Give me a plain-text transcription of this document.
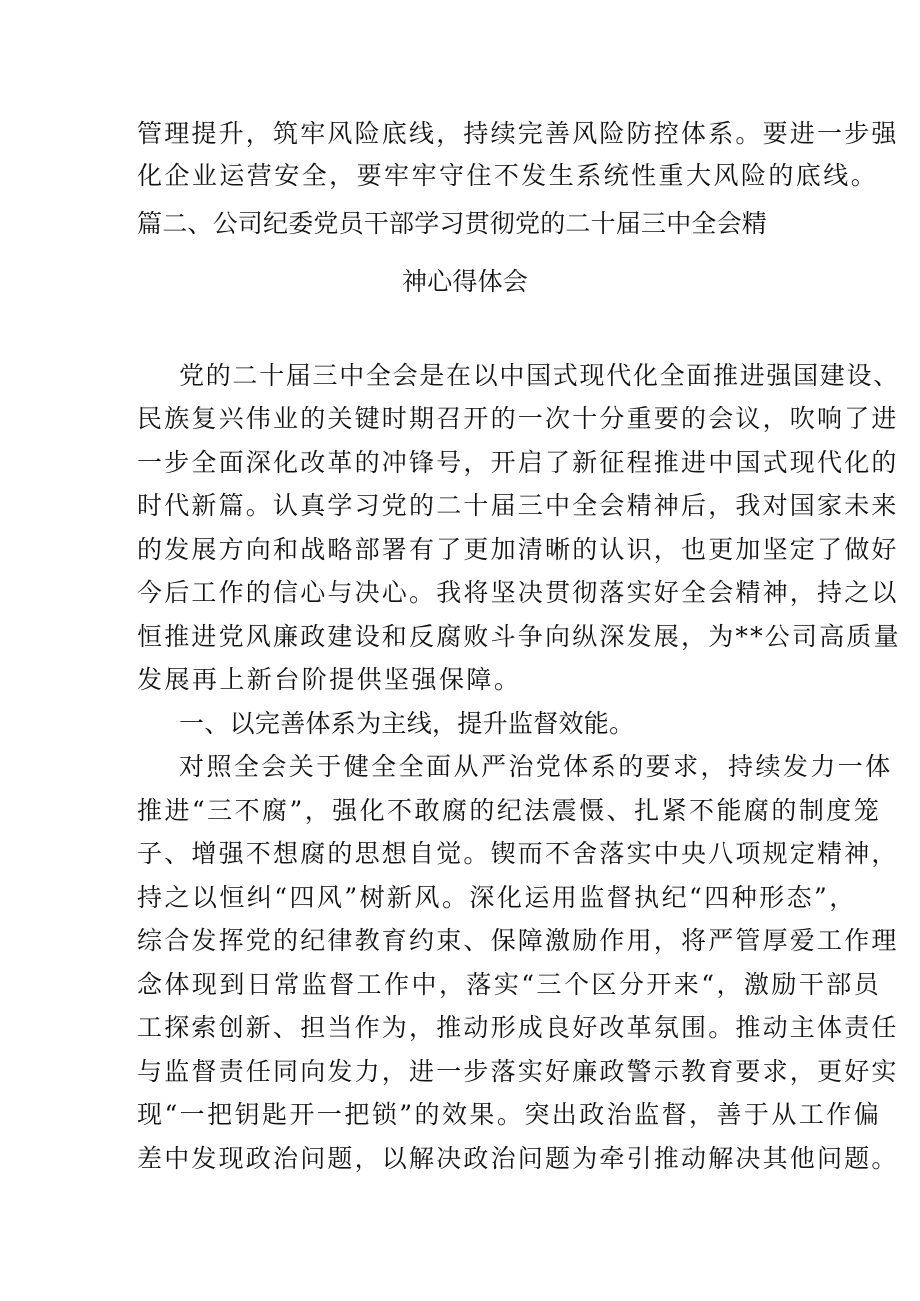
管理提升，筑牢风险底线，持续完善风险防控体系。要进一步强

化企业运营安全，要牢牢守住不发生系统性重大风险的底线。

篇二、公司纪委党员干部学习贯彻党的二十届三中全会精

神心得体会

党的二十届三中全会是在以中国式现代化全面推进强国建设、

民族复兴伟业的关键时期召开的一次十分重要的会议，吹响了进

一步全面深化改革的冲锋号，开启了新征程推进中国式现代化的

时代新篇。认真学习党的二十届三中全会精神后，我对国家未来

的发展方向和战略部署有了更加清晰的认识，也更加坚定了做好

今后工作的信心与决心。我将坚决贯彻落实好全会精神，持之以

恒推进党风廉政建设和反腐败斗争向纵深发展，为**公司高质量

发展再上新台阶提供坚强保障。

一、以完善体系为主线，提升监督效能。

对照全会关于健全全面从严治党体系的要求，持续发力一体

推进“三不腐”，强化不敢腐的纪法震慑、扎紧不能腐的制度笼

子、增强不想腐的思想自觉。锲而不舍落实中央八项规定精神，

持之以恒纠“四风”树新风。深化运用监督执纪“四种形态”，

综合发挥党的纪律教育约束、保障激励作用，将严管厚爱工作理

念体现到日常监督工作中，落实“三个区分开来“，激励干部员

工探索创新、担当作为，推动形成良好改革氛围。推动主体责任

与监督责任同向发力，进一步落实好廉政警示教育要求，更好实

现“一把钥匙开一把锁”的效果。突出政治监督，善于从工作偏

差中发现政治问题，以解决政治问题为牵引推动解决其他问题。
